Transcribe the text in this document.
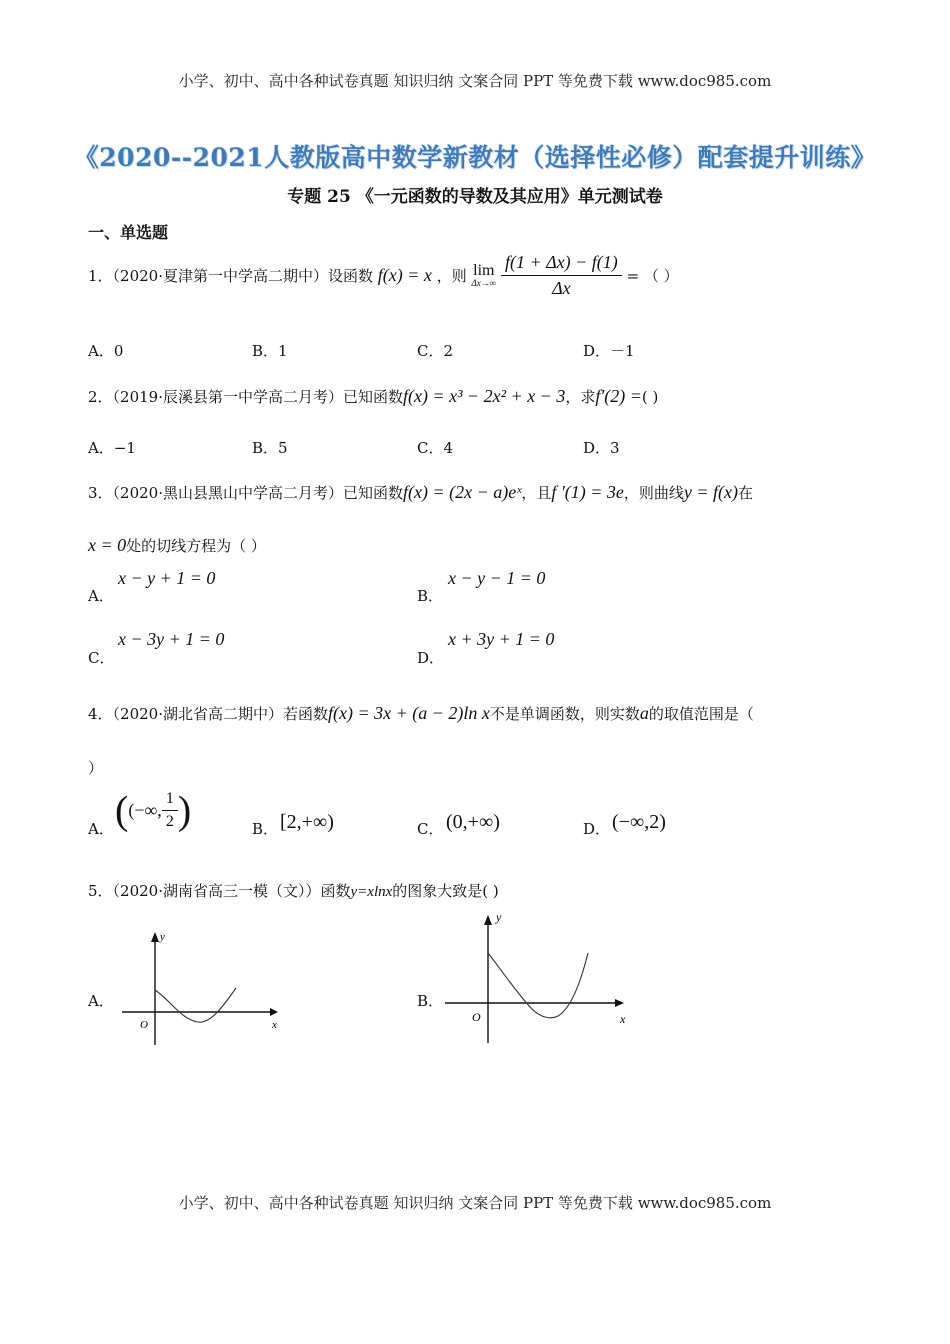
小学、初中、高中各种试卷真题 知识归纳 文案合同 PPT 等免费下载 www.doc985.com
《2020--2021人教版高中数学新教材（选择性必修）配套提升训练》
专题 25 《一元函数的导数及其应用》单元测试卷
一、单选题
1．（2020·夏津第一中学高二期中）设函数 f(x) = x ，则 lim
Δx→∞
$\frac{f(1 + \Delta x) - f(1)}{\Delta x}$ = （ ）
A．0	B．1	C．2	D．－1
2．（2019·辰溪县第一中学高二月考）已知函数f(x) = x³ − 2x² + x − 3，求f′(2) =( )
A．−1	B．5	C．4	D．3
3．（2020·黑山县黑山中学高二月考）已知函数f(x) = (2x − a)eˣ，且f ′(1) = 3e，则曲线y = f(x)在
x = 0处的切线方程为（ ）
A．
x − y + 1 = 0
B．
x − y − 1 = 0
C．
x − 3y + 1 = 0
D．
x + 3y + 1 = 0
4．（2020·湖北省高二期中）若函数f(x) = 3x + (a − 2)ln x不是单调函数，则实数a的取值范围是（
）
A． ((−∞, $\frac{1}{2}$ )	B． [2,+∞)	C． (0,+∞)	D． (−∞,2)
5．（2020·湖南省高三一模（文））函数y=xlnx的图象大致是( )
A．
y
x
O
B．
y
x
O
小学、初中、高中各种试卷真题 知识归纳 文案合同 PPT 等免费下载 www.doc985.com
